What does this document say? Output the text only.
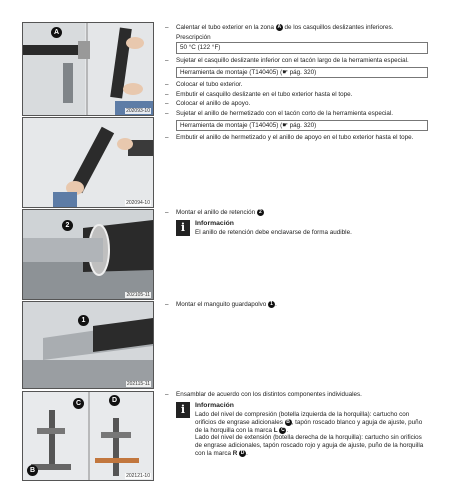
A
202093-10
202094-10
2
202105-11
1
202115-11
C	D
B
202121-10
–	Calentar el tubo exterior en la zona A de los casquillos deslizantes inferiores.
Prescripción
50 °C (122 °F)
–	Sujetar el casquillo deslizante inferior con el tacón largo de la herramienta especial.
Herramienta de montaje (T140405) (☛ pág. 320)
–	Colocar el tubo exterior.
–	Embutir el casquillo deslizante en el tubo exterior hasta el tope.
–	Colocar el anillo de apoyo.
–	Sujetar el anillo de hermetizado con el tacón corto de la herramienta especial.
Herramienta de montaje (T140405) (☛ pág. 320)
–	Embutir el anillo de hermetizado y el anillo de apoyo en el tubo exterior hasta el tope.
–	Montar el anillo de retención 2
i	Información
El anillo de retención debe enclavarse de forma audible.
–	Montar el manguito guardapolvo 1 .
–	Ensamblar de acuerdo con los distintos componentes individuales.
i	Información
Lado del nivel de compresión (botella izquierda de la horquilla): cartucho con orificios de engrase adicionales B , tapón roscado blanco y aguja de ajuste, puño de la horquilla con la marca L C .
Lado del nivel de extensión (botella derecha de la horquilla): cartucho sin orificios de engrase adicionales, tapón roscado rojo y aguja de ajuste, puño de la horquilla con la marca R D .
